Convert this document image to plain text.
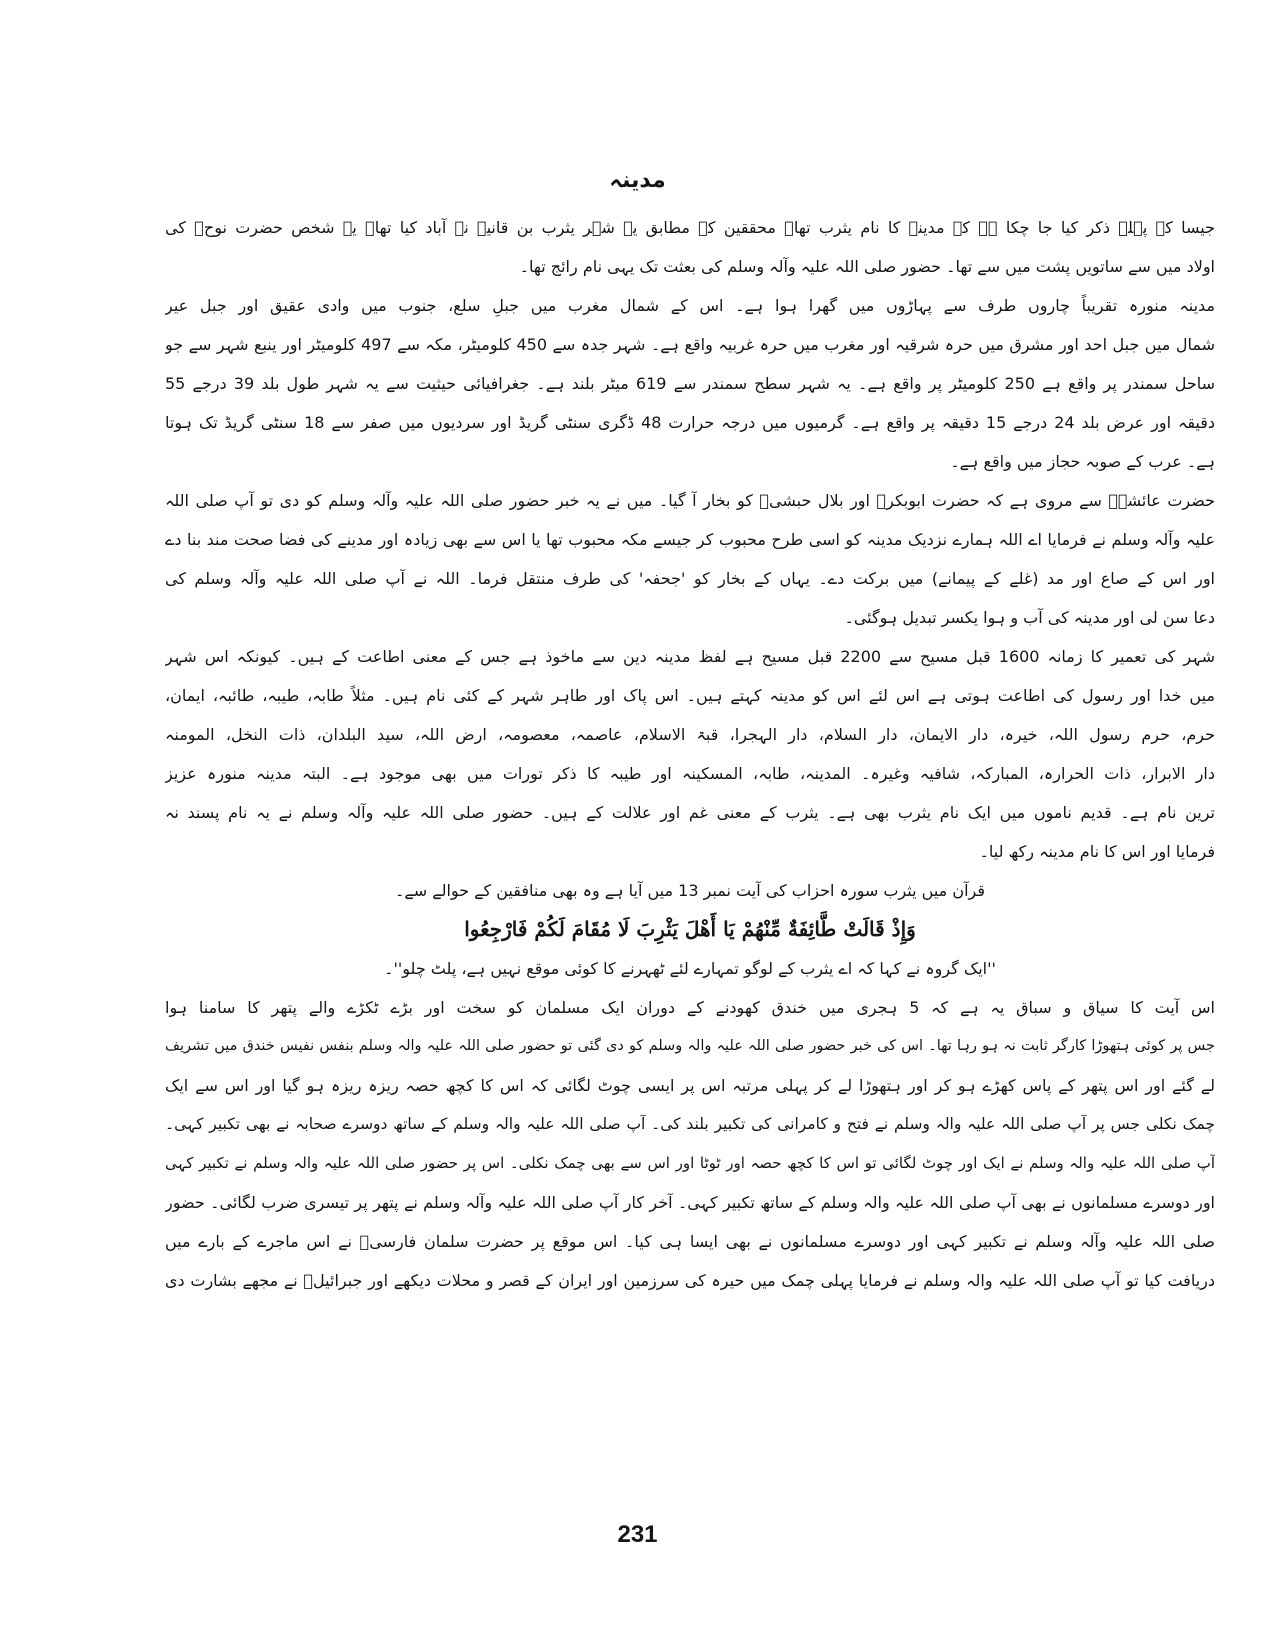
مدینہ
جیسا کہ پہلے ذکر کیا جا چکا ہے کہ مدینہ کا نام یثرب تھا۔ محققین کے مطابق یہ شہر یثرب بن قانیہ نے آباد کیا تھا۔ یہ شخص حضرت نوحؑ کی
اولاد میں سے ساتویں پشت میں سے تھا۔ حضور صلی اللہ علیہ وآلہ وسلم کی بعثت تک یہی نام رائج تھا۔
مدینہ منورہ تقریباً چاروں طرف سے پہاڑوں میں گھرا ہوا ہے۔ اس کے شمال مغرب میں جبلِ سلع، جنوب میں وادی عقیق اور جبل عیر
شمال میں جبل احد اور مشرق میں حرہ شرقیہ اور مغرب میں حرہ غربیہ واقع ہے۔ شہر جدہ سے 450 کلومیٹر، مکہ سے 497 کلومیٹر اور ینبع شہر سے جو
ساحل سمندر پر واقع ہے 250 کلومیٹر پر واقع ہے۔ یہ شہر سطح سمندر سے 619 میٹر بلند ہے۔ جغرافیائی حیثیت سے یہ شہر طول بلد 39 درجے 55
دقیقہ اور عرض بلد 24 درجے 15 دقیقہ پر واقع ہے۔ گرمیوں میں درجہ حرارت 48 ڈگری سنٹی گریڈ اور سردیوں میں صفر سے 18 سنٹی گریڈ تک ہوتا
ہے۔ عرب کے صوبہ حجاز میں واقع ہے۔
حضرت عائشہؓ سے مروی ہے کہ حضرت ابوبکرؓ اور بلال حبشیؓ کو بخار آ گیا۔ میں نے یہ خبر حضور صلی اللہ علیہ وآلہ وسلم کو دی تو آپ صلی اللہ
علیہ وآلہ وسلم نے فرمایا اے اللہ ہمارے نزدیک مدینہ کو اسی طرح محبوب کر جیسے مکہ محبوب تھا یا اس سے بھی زیادہ اور مدینے کی فضا صحت مند بنا دے
اور اس کے صاع اور مد (غلے کے پیمانے) میں برکت دے۔ یہاں کے بخار کو 'جحفہ' کی طرف منتقل فرما۔ اللہ نے آپ صلی اللہ علیہ وآلہ وسلم کی
دعا سن لی اور مدینہ کی آب و ہوا یکسر تبدیل ہوگئی۔
شہر کی تعمیر کا زمانہ 1600 قبل مسیح سے 2200 قبل مسیح ہے لفظ مدینہ دین سے ماخوذ ہے جس کے معنی اطاعت کے ہیں۔ کیونکہ اس شہر
میں خدا اور رسول کی اطاعت ہوتی ہے اس لئے اس کو مدینہ کہتے ہیں۔ اس پاک اور طاہر شہر کے کئی نام ہیں۔ مثلاً طابہ، طیبہ، طائبہ، ایمان،
حرم، حرم رسول اللہ، خیرہ، دار الایمان، دار السلام، دار الہجرا، قبۃ الاسلام، عاصمہ، معصومہ، ارض اللہ، سید البلدان، ذات النخل، المومنہ
دار الابرار، ذات الحرارہ، المبارکہ، شافیہ وغیرہ۔ المدینہ، طابہ، المسکینہ اور طیبہ کا ذکر تورات میں بھی موجود ہے۔ البتہ مدینہ منورہ عزیز
ترین نام ہے۔ قدیم ناموں میں ایک نام یثرب بھی ہے۔ یثرب کے معنی غم اور علالت کے ہیں۔ حضور صلی اللہ علیہ وآلہ وسلم نے یہ نام پسند نہ
فرمایا اور اس کا نام مدینہ رکھ لیا۔
قرآن میں یثرب سورہ احزاب کی آیت نمبر 13 میں آیا ہے وہ بھی منافقین کے حوالے سے۔
وَإِذْ قَالَتْ طَّائِفَةٌ مِّنْهُمْ يَا أَهْلَ يَثْرِبَ لَا مُقَامَ لَكُمْ فَارْجِعُوا
''ایک گروہ نے کہا کہ اے یثرب کے لوگو تمہارے لئے ٹھہرنے کا کوئی موقع نہیں ہے، پلٹ چلو''۔
اس آیت کا سیاق و سباق یہ ہے کہ 5 ہجری میں خندق کھودنے کے دوران ایک مسلمان کو سخت اور بڑے ٹکڑے والے پتھر کا سامنا ہوا
جس پر کوئی ہتھوڑا کارگر ثابت نہ ہو رہا تھا۔ اس کی خبر حضور صلی اللہ علیہ والہ وسلم کو دی گئی تو حضور صلی اللہ علیہ والہ وسلم بنفس نفیس خندق میں تشریف
لے گئے اور اس پتھر کے پاس کھڑے ہو کر اور ہتھوڑا لے کر پہلی مرتبہ اس پر ایسی چوٹ لگائی کہ اس کا کچھ حصہ ریزہ ریزہ ہو گیا اور اس سے ایک
چمک نکلی جس پر آپ صلی اللہ علیہ والہ وسلم نے فتح و کامرانی کی تکبیر بلند کی۔ آپ صلی اللہ علیہ والہ وسلم کے ساتھ دوسرے صحابہ نے بھی تکبیر کہی۔
آپ صلی اللہ علیہ والہ وسلم نے ایک اور چوٹ لگائی تو اس کا کچھ حصہ اور ٹوٹا اور اس سے بھی چمک نکلی۔ اس پر حضور صلی اللہ علیہ والہ وسلم نے تکبیر کہی
اور دوسرے مسلمانوں نے بھی آپ صلی اللہ علیہ والہ وسلم کے ساتھ تکبیر کہی۔ آخر کار آپ صلی اللہ علیہ وآلہ وسلم نے پتھر پر تیسری ضرب لگائی۔ حضور
صلی اللہ علیہ وآلہ وسلم نے تکبیر کہی اور دوسرے مسلمانوں نے بھی ایسا ہی کیا۔ اس موقع پر حضرت سلمان فارسیؓ نے اس ماجرے کے بارے میں
دریافت کیا تو آپ صلی اللہ علیہ والہ وسلم نے فرمایا پہلی چمک میں حیرہ کی سرزمین اور ایران کے قصر و محلات دیکھے اور جبرائیلؑ نے مجھے بشارت دی
231
